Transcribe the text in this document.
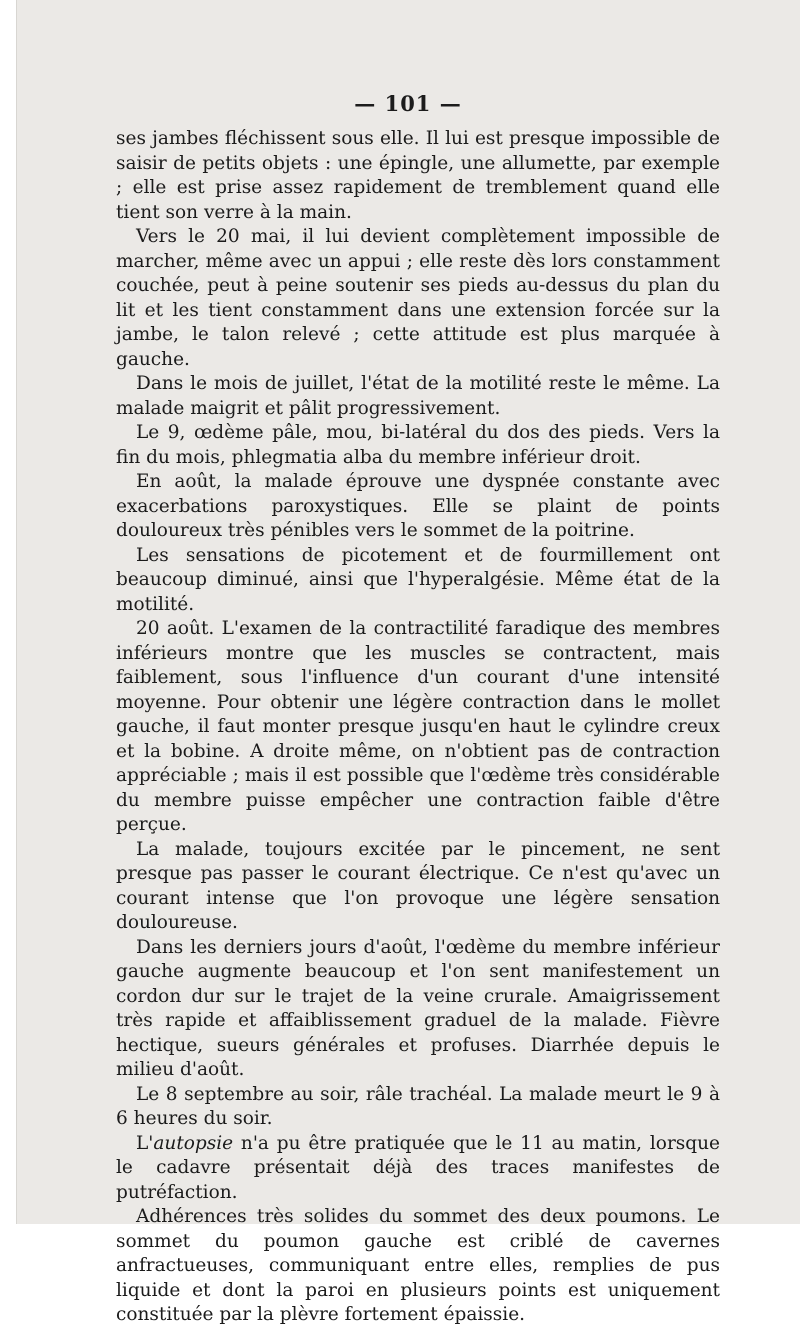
— 101 —

ses jambes fléchissent sous elle. Il lui est presque impossible de saisir de petits objets : une épingle, une allumette, par exemple ; elle est prise assez rapidement de tremblement quand elle tient son verre à la main.

Vers le 20 mai, il lui devient complètement impossible de marcher, même avec un appui ; elle reste dès lors constamment couchée, peut à peine soutenir ses pieds au-dessus du plan du lit et les tient constamment dans une extension forcée sur la jambe, le talon relevé ; cette attitude est plus marquée à gauche.

Dans le mois de juillet, l'état de la motilité reste le même. La malade maigrit et pâlit progressivement.

Le 9, œdème pâle, mou, bi-latéral du dos des pieds. Vers la fin du mois, phlegmatia alba du membre inférieur droit.

En août, la malade éprouve une dyspnée constante avec exacerbations paroxystiques. Elle se plaint de points douloureux très pénibles vers le sommet de la poitrine.

Les sensations de picotement et de fourmillement ont beaucoup diminué, ainsi que l'hyperalgésie. Même état de la motilité.

20 août. L'examen de la contractilité faradique des membres inférieurs montre que les muscles se contractent, mais faiblement, sous l'influence d'un courant d'une intensité moyenne. Pour obtenir une légère contraction dans le mollet gauche, il faut monter presque jusqu'en haut le cylindre creux et la bobine. A droite même, on n'obtient pas de contraction appréciable ; mais il est possible que l'œdème très considérable du membre puisse empêcher une contraction faible d'être perçue.

La malade, toujours excitée par le pincement, ne sent presque pas passer le courant électrique. Ce n'est qu'avec un courant intense que l'on provoque une légère sensation douloureuse.

Dans les derniers jours d'août, l'œdème du membre inférieur gauche augmente beaucoup et l'on sent manifestement un cordon dur sur le trajet de la veine crurale. Amaigrissement très rapide et affaiblissement graduel de la malade. Fièvre hectique, sueurs générales et profuses. Diarrhée depuis le milieu d'août.

Le 8 septembre au soir, râle trachéal. La malade meurt le 9 à 6 heures du soir.

L'autopsie n'a pu être pratiquée que le 11 au matin, lorsque le cadavre présentait déjà des traces manifestes de putréfaction.

Adhérences très solides du sommet des deux poumons. Le sommet du poumon gauche est criblé de cavernes anfractueuses, communiquant entre elles, remplies de pus liquide et dont la paroi en plusieurs points est uniquement constituée par la plèvre fortement épaissie.
